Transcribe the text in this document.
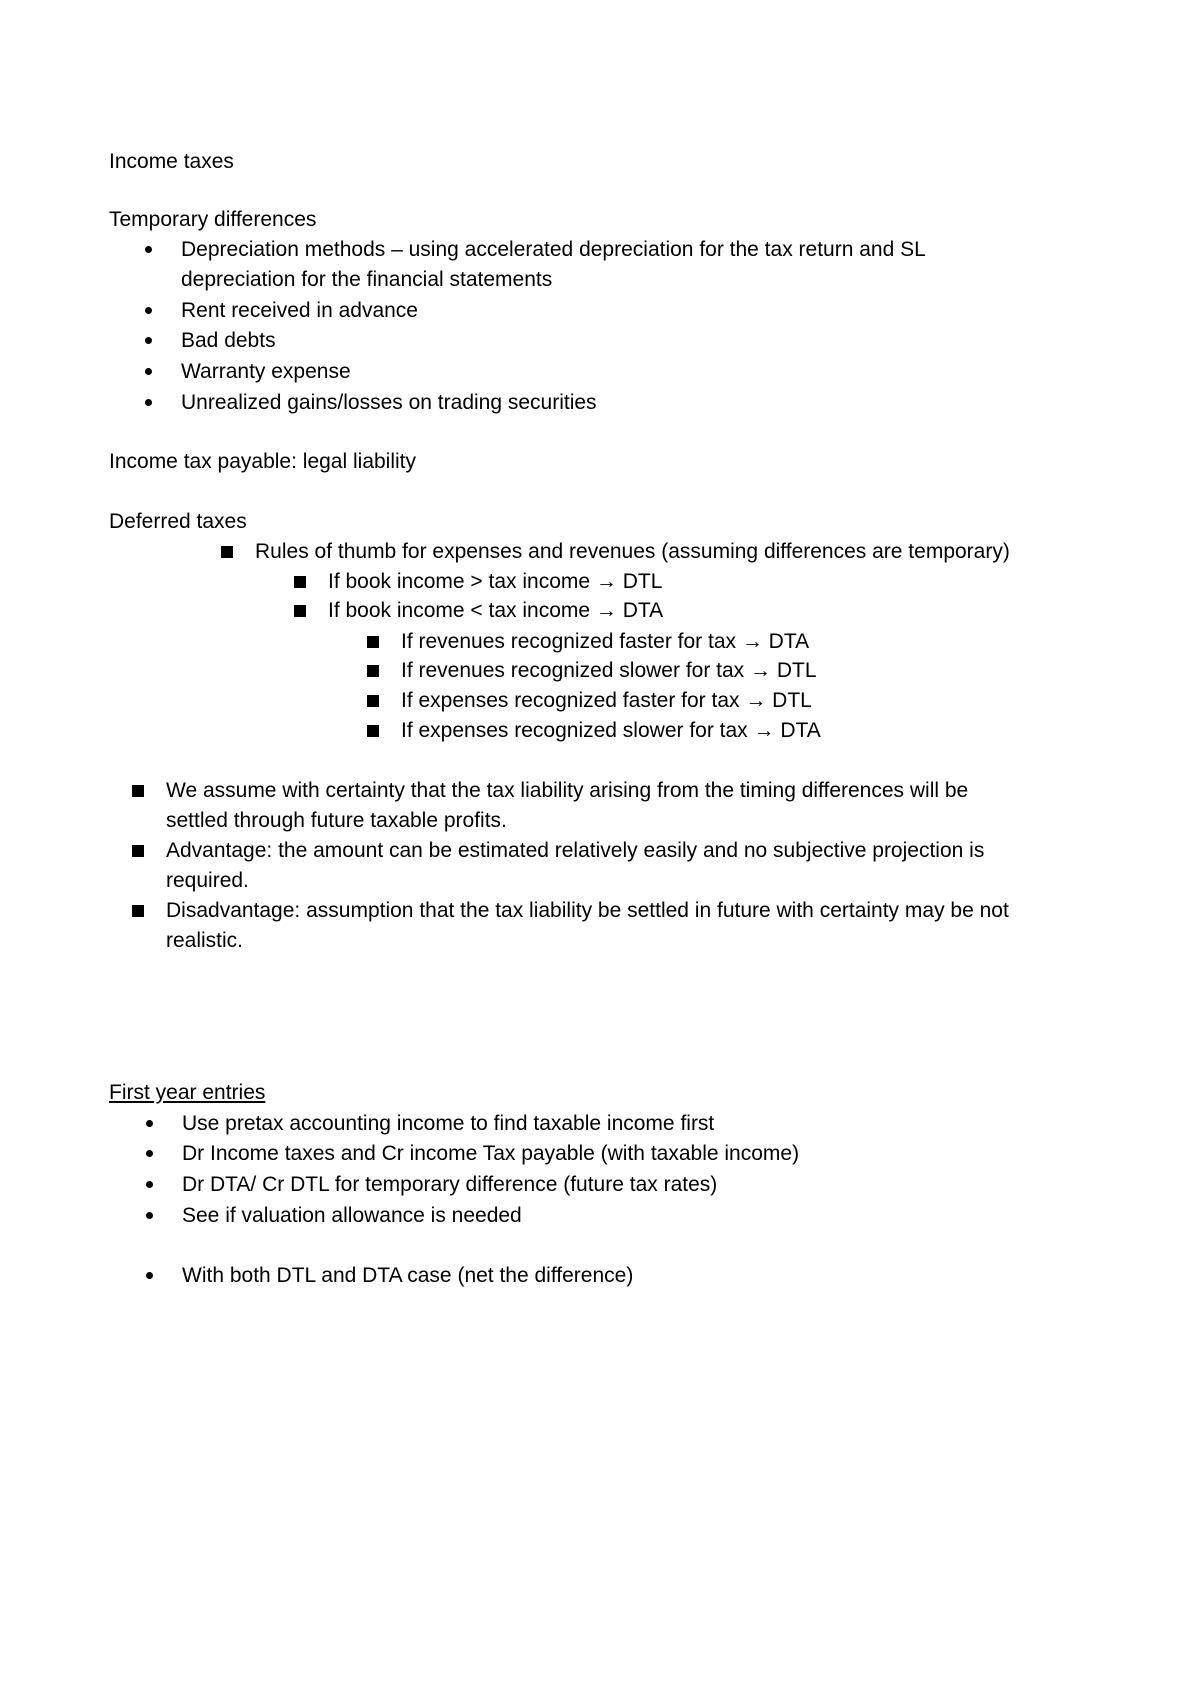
Income taxes
Temporary differences
Depreciation methods – using accelerated depreciation for the tax return and SL
depreciation for the financial statements
Rent received in advance
Bad debts
Warranty expense
Unrealized gains/losses on trading securities
Income tax payable: legal liability
Deferred taxes
Rules of thumb for expenses and revenues (assuming differences are temporary)
If book income > tax income → DTL
If book income < tax income → DTA
If revenues recognized faster for tax → DTA
If revenues recognized slower for tax → DTL
If expenses recognized faster for tax → DTL
If expenses recognized slower for tax → DTA
We assume with certainty that the tax liability arising from the timing differences will be
settled through future taxable profits.
Advantage: the amount can be estimated relatively easily and no subjective projection is
required.
Disadvantage: assumption that the tax liability be settled in future with certainty may be not
realistic.
First year entries
Use pretax accounting income to find taxable income first
Dr Income taxes and Cr income Tax payable (with taxable income)
Dr DTA/ Cr DTL for temporary difference (future tax rates)
See if valuation allowance is needed
With both DTL and DTA case (net the difference)
